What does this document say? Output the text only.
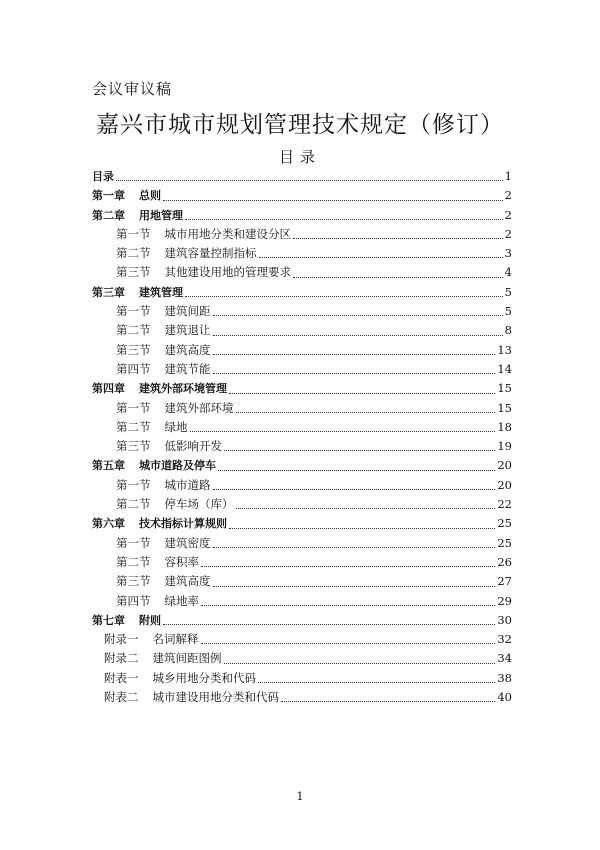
会议审议稿
嘉兴市城市规划管理技术规定（修订）
目录
目录	1
第一章 总则	2
第二章 用地管理	2
第一节 城市用地分类和建设分区	2
第二节 建筑容量控制指标	3
第三节 其他建设用地的管理要求	4
第三章 建筑管理	5
第一节 建筑间距	5
第二节 建筑退让	8
第三节 建筑高度	13
第四节 建筑节能	14
第四章 建筑外部环境管理	15
第一节 建筑外部环境	15
第二节 绿地	18
第三节 低影响开发	19
第五章 城市道路及停车	20
第一节 城市道路	20
第二节 停车场（库）	22
第六章 技术指标计算规则	25
第一节 建筑密度	25
第二节 容积率	26
第三节 建筑高度	27
第四节 绿地率	29
第七章 附则	30
附录一 名词解释	32
附录二 建筑间距图例	34
附表一 城乡用地分类和代码	38
附表二 城市建设用地分类和代码	40
1
